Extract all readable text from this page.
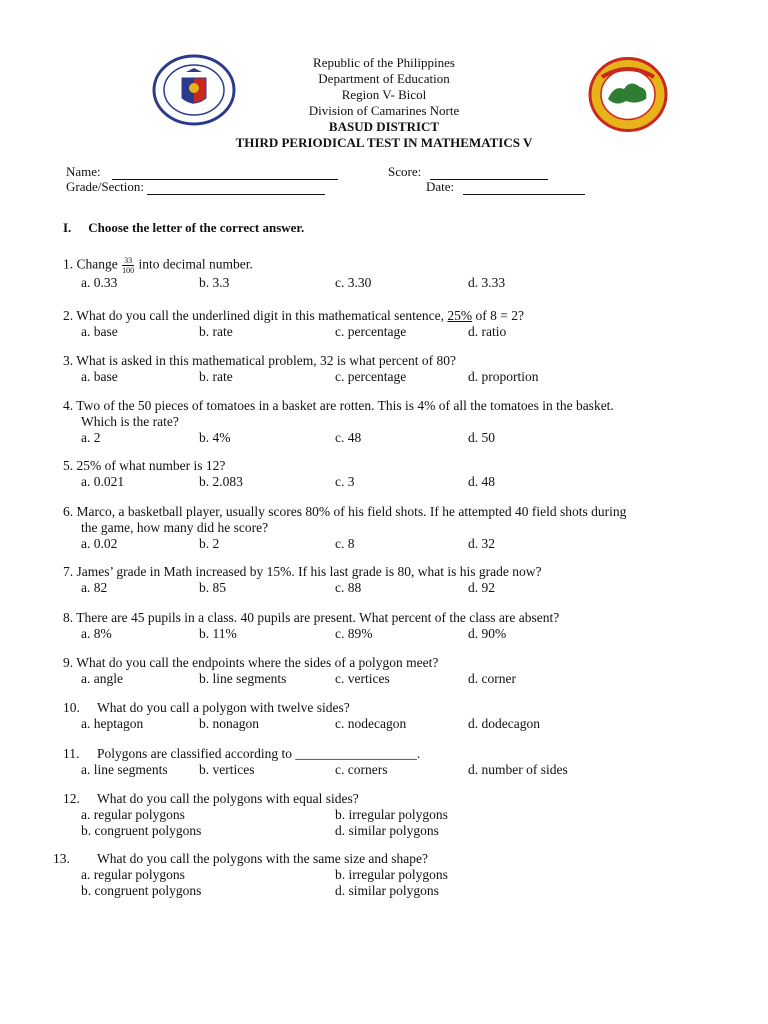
Republic of the Philippines
Department of Education
Region V- Bicol
Division of Camarines Norte
BASUD DISTRICT
THIRD PERIODICAL TEST IN MATHEMATICS V
Name:	Score:
Grade/Section:	Date:
I. Choose the letter of the correct answer.
1. Change $\frac{33}{100}$ into decimal number.
a. 0.33	b. 3.3	c. 3.30	d. 3.33
2. What do you call the underlined digit in this mathematical sentence, 25% of 8 = 2?
a. base	b. rate	c. percentage	d. ratio
3. What is asked in this mathematical problem, 32 is what percent of 80?
a. base	b. rate	c. percentage	d. proportion
4. Two of the 50 pieces of tomatoes in a basket are rotten. This is 4% of all the tomatoes in the basket.
Which is the rate?
a. 2	b. 4%	c. 48	d. 50
5. 25% of what number is 12?
a. 0.021	b. 2.083	c. 3	d. 48
6. Marco, a basketball player, usually scores 80% of his field shots. If he attempted 40 field shots during
the game, how many did he score?
a. 0.02	b. 2	c. 8	d. 32
7. James’ grade in Math increased by 15%. If his last grade is 80, what is his grade now?
a. 82	b. 85	c. 88	d. 92
8. There are 45 pupils in a class. 40 pupils are present. What percent of the class are absent?
a. 8%	b. 11%	c. 89%	d. 90%
9. What do you call the endpoints where the sides of a polygon meet?
a. angle	b. line segments	c. vertices	d. corner
10. What do you call a polygon with twelve sides?
a. heptagon	b. nonagon	c. nodecagon	d. dodecagon
11. Polygons are classified according to __________________.
a. line segments b. vertices	c. corners	d. number of sides
12. What do you call the polygons with equal sides?
a. regular polygons	b. irregular polygons
b. congruent polygons	d. similar polygons
13. What do you call the polygons with the same size and shape?
a. regular polygons	b. irregular polygons
b. congruent polygons	d. similar polygons
